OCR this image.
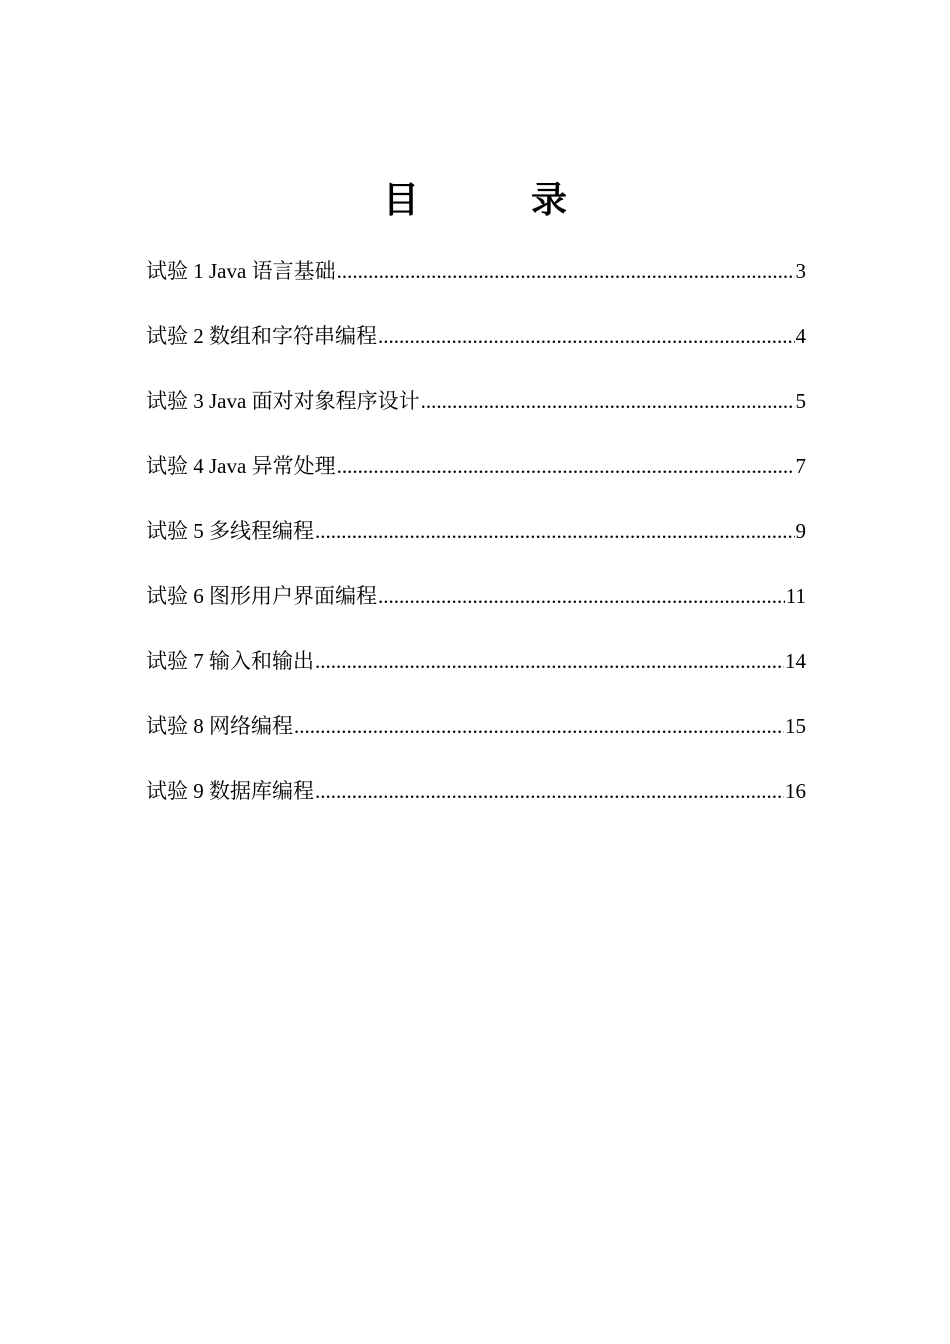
目　录
试验 1 Java 语言基础 .....	3
试验 2 数组和字符串编程 .....	4
试验 3 Java 面对对象程序设计 .....	5
试验 4 Java 异常处理 .....	7
试验 5 多线程编程 .....	9
试验 6 图形用户界面编程 .....	11
试验 7 输入和输出 .....	14
试验 8 网络编程 .....	15
试验 9 数据库编程 .....	16
